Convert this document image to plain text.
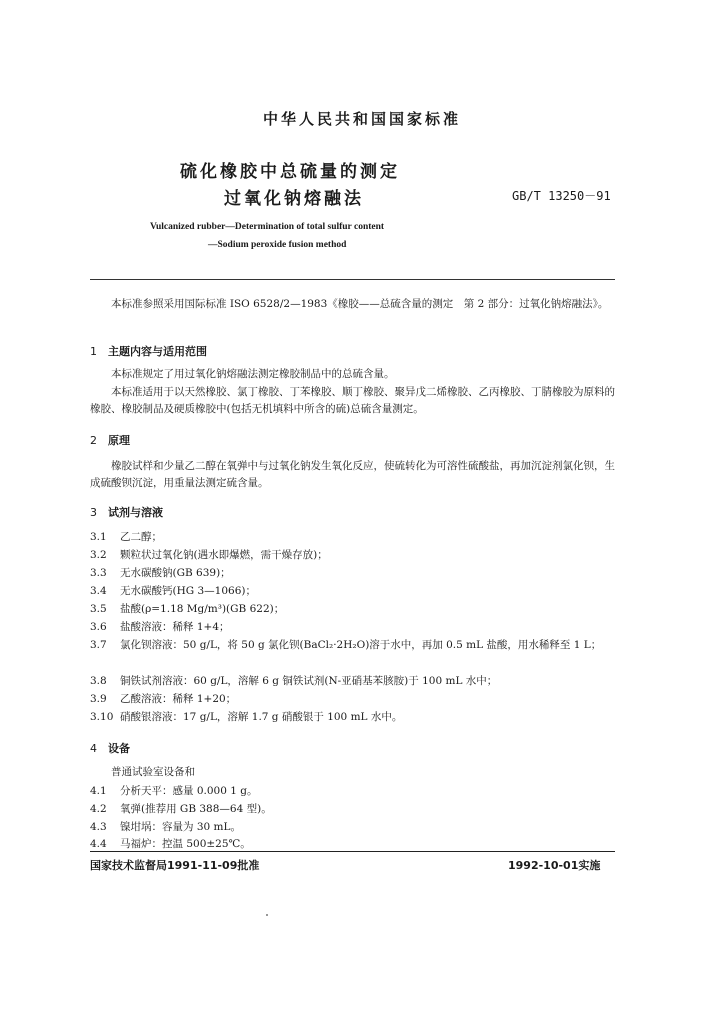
中华人民共和国国家标准
硫化橡胶中总硫量的测定
过氧化钠熔融法	GB/T 13250－91
Vulcanized rubber—Determination of total sulfur content
—Sodium peroxide fusion method
本标准参照采用国际标准 ISO 6528/2—1983《橡胶——总硫含量的测定　第 2 部分：过氧化钠熔融法》。
1 主题内容与适用范围
本标准规定了用过氧化钠熔融法测定橡胶制品中的总硫含量。
本标准适用于以天然橡胶、氯丁橡胶、丁苯橡胶、顺丁橡胶、聚异戊二烯橡胶、乙丙橡胶、丁腈橡胶为原料的橡胶、橡胶制品及硬质橡胶中(包括无机填料中所含的硫)总硫含量测定。
2 原理
橡胶试样和少量乙二醇在氧弹中与过氧化钠发生氧化反应，使硫转化为可溶性硫酸盐，再加沉淀剂氯化钡，生成硫酸钡沉淀，用重量法测定硫含量。
3 试剂与溶液
3.1 乙二醇；
3.2 颗粒状过氧化钠(遇水即爆燃，需干燥存放)；
3.3 无水碳酸钠(GB 639)；
3.4 无水碳酸钙(HG 3—1066)；
3.5 盐酸(ρ=1.18 Mg/m³)(GB 622)；
3.6 盐酸溶液：稀释 1+4；
3.7 氯化钡溶液：50 g/L，将 50 g 氯化钡(BaCl₂·2H₂O)溶于水中，再加 0.5 mL 盐酸，用水稀释至 1 L；
3.8 铜铁试剂溶液：60 g/L，溶解 6 g 铜铁试剂(N-亚硝基苯胲胺)于 100 mL 水中；
3.9 乙酸溶液：稀释 1+20；
3.10 硝酸银溶液：17 g/L，溶解 1.7 g 硝酸银于 100 mL 水中。
4 设备
普通试验室设备和
4.1 分析天平：感量 0.000 1 g。
4.2 氧弹(推荐用 GB 388—64 型)。
4.3 镍坩埚：容量为 30 mL。
4.4 马福炉：控温 500±25℃。
国家技术监督局1991-11-09批准	1992-10-01实施
